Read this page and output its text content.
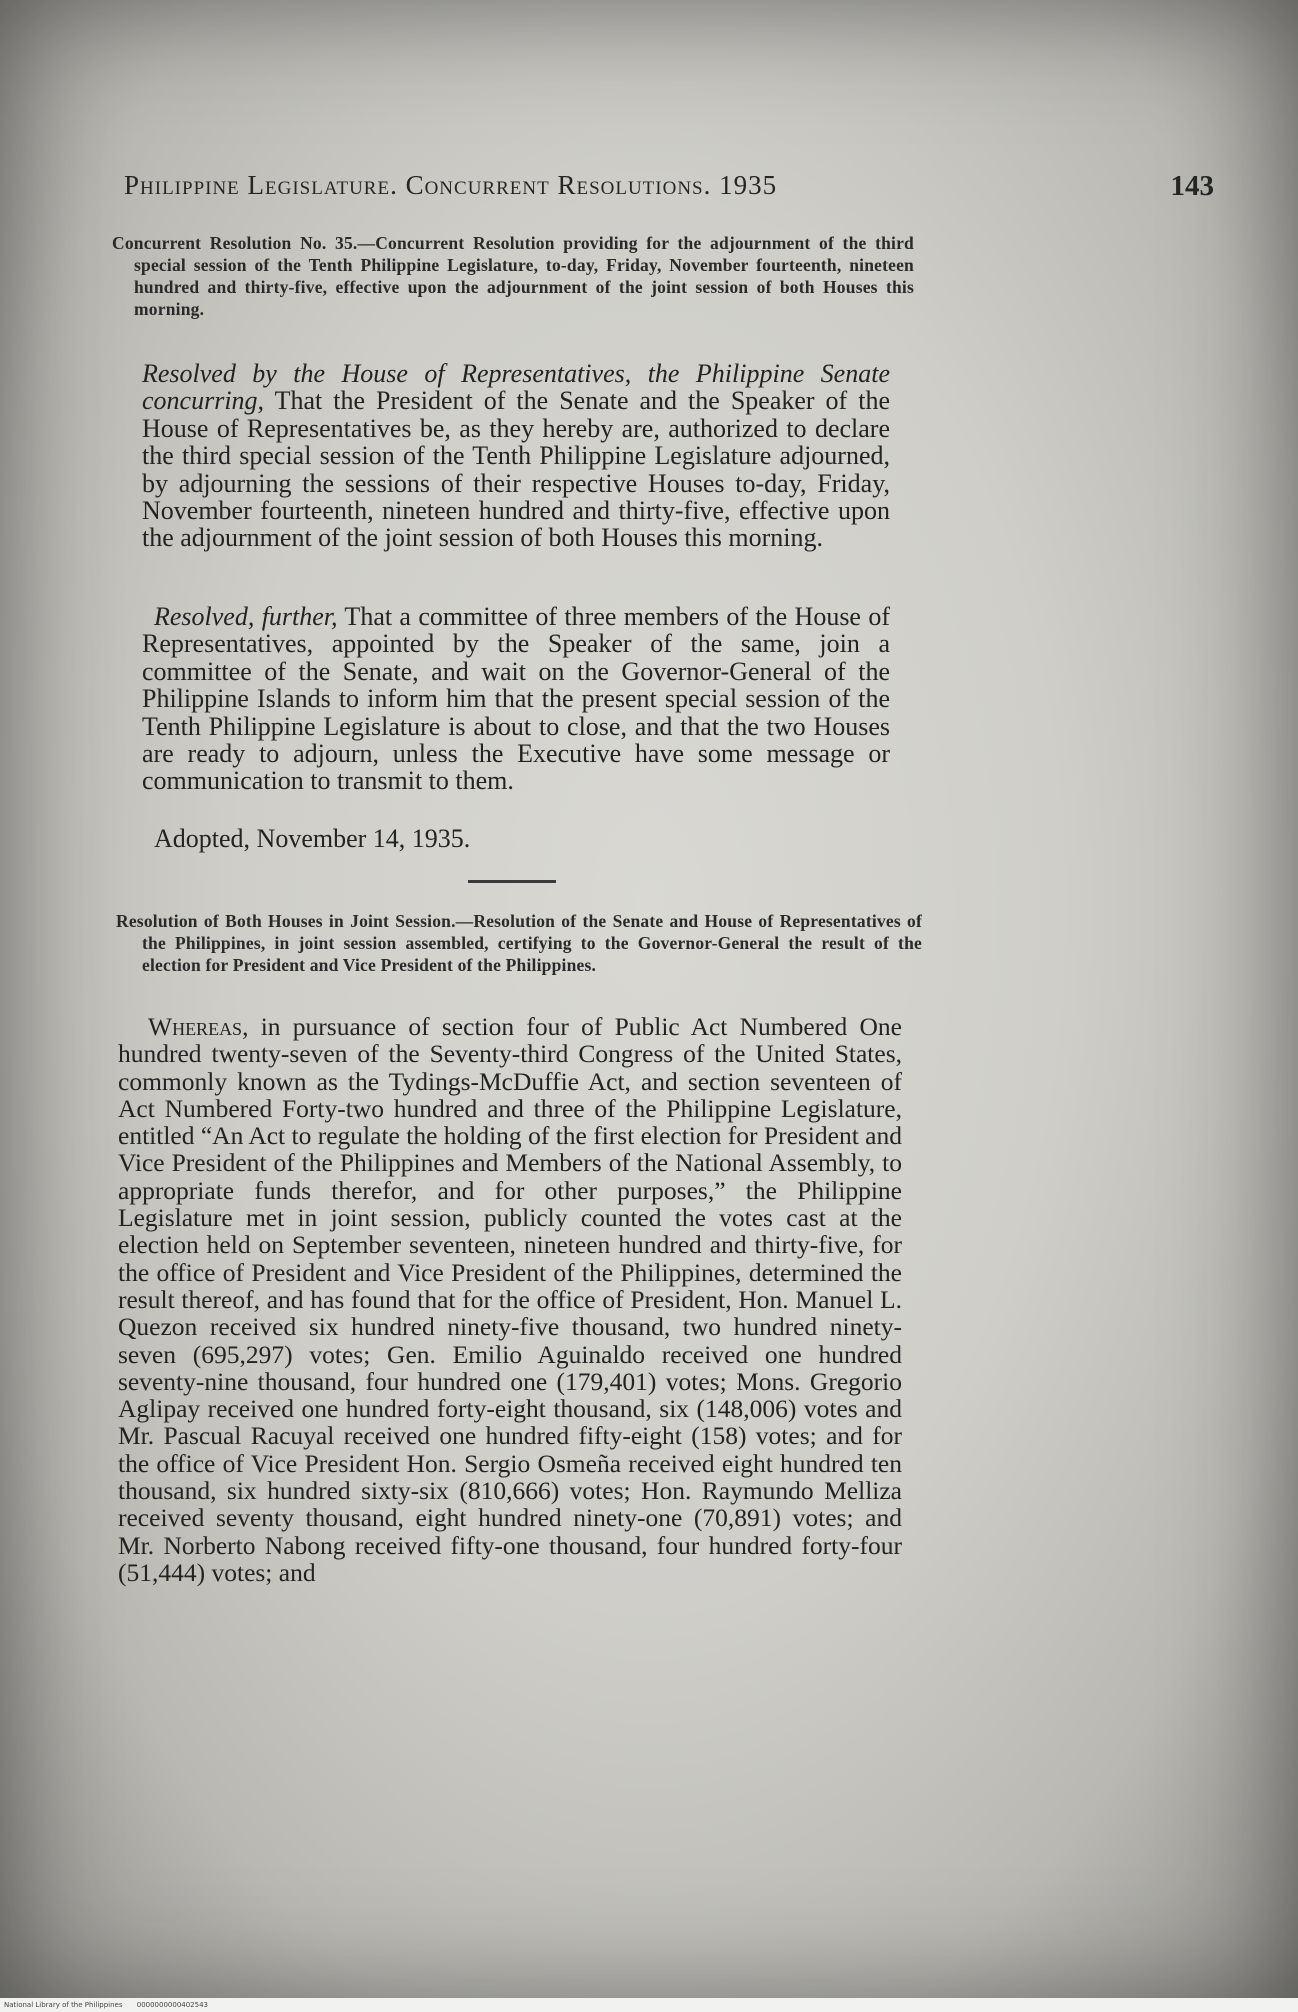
Philippine Legislature. Concurrent Resolutions. 1935	143
Concurrent Resolution No. 35.—Concurrent Resolution providing for the adjournment of the third special session of the Tenth Philippine Legislature, to-day, Friday, November fourteenth, nineteen hundred and thirty-five, effective upon the adjournment of the joint session of both Houses this morning.
Resolved by the House of Representatives, the Philippine Senate concurring, That the President of the Senate and the Speaker of the House of Representatives be, as they hereby are, authorized to declare the third special session of the Tenth Philippine Legislature adjourned, by adjourning the sessions of their respective Houses to-day, Friday, November fourteenth, nineteen hundred and thirty-five, effective upon the adjournment of the joint session of both Houses this morning.
Resolved, further, That a committee of three members of the House of Representatives, appointed by the Speaker of the same, join a committee of the Senate, and wait on the Governor-General of the Philippine Islands to inform him that the present special session of the Tenth Philippine Legislature is about to close, and that the two Houses are ready to adjourn, unless the Executive have some message or communication to transmit to them.
Adopted, November 14, 1935.
Resolution of Both Houses in Joint Session.—Resolution of the Senate and House of Representatives of the Philippines, in joint session assembled, certifying to the Governor-General the result of the election for President and Vice President of the Philippines.
Whereas, in pursuance of section four of Public Act Numbered One hundred twenty-seven of the Seventy-third Congress of the United States, commonly known as the Tydings-McDuffie Act, and section seventeen of Act Numbered Forty-two hundred and three of the Philippine Legislature, entitled “An Act to regulate the holding of the first election for President and Vice President of the Philippines and Members of the National Assembly, to appropriate funds therefor, and for other purposes,” the Philippine Legislature met in joint session, publicly counted the votes cast at the election held on September seventeen, nineteen hundred and thirty-five, for the office of President and Vice President of the Philippines, determined the result thereof, and has found that for the office of President, Hon. Manuel L. Quezon received six hundred ninety-five thousand, two hundred ninety-seven (695,297) votes; Gen. Emilio Aguinaldo received one hundred seventy-nine thousand, four hundred one (179,401) votes; Mons. Gregorio Aglipay received one hundred forty-eight thousand, six (148,006) votes and Mr. Pascual Racuyal received one hundred fifty-eight (158) votes; and for the office of Vice President Hon. Sergio Osmeña received eight hundred ten thousand, six hundred sixty-six (810,666) votes; Hon. Raymundo Melliza received seventy thousand, eight hundred ninety-one (70,891) votes; and Mr. Norberto Nabong received fifty-one thousand, four hundred forty-four (51,444) votes; and
National Library of the Philippines 0000000000402543
